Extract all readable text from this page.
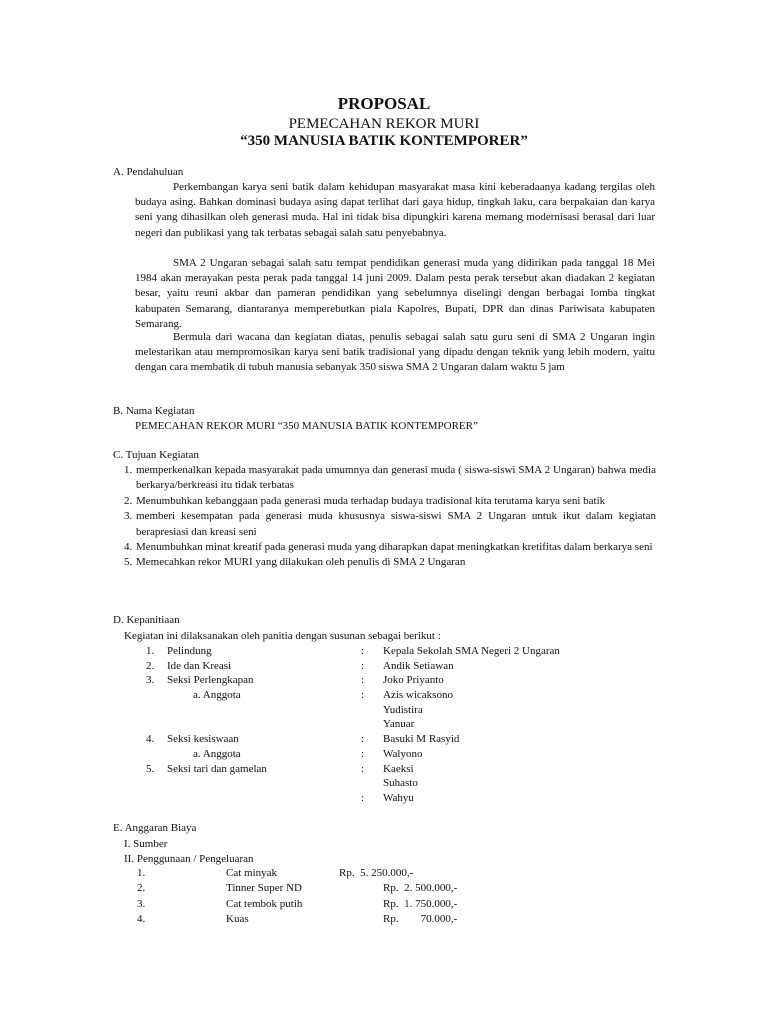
PROPOSAL
PEMECAHAN REKOR MURI
“350 MANUSIA BATIK KONTEMPORER”
A. Pendahuluan

Perkembangan karya seni batik dalam kehidupan masyarakat masa kini keberadaanya kadang tergilas oleh budaya asing. Bahkan dominasi budaya asing dapat terlihat dari gaya hidup, tingkah laku, cara berpakaian dan karya seni yang dihasilkan oleh generasi muda. Hal ini tidak bisa dipungkiri karena memang modernisasi berasal dari luar negeri dan publikasi yang tak terbatas sebagai salah satu penyebabnya.

SMA 2 Ungaran sebagai salah satu tempat pendidikan generasi muda yang didirikan pada tanggal 18 Mei 1984 akan merayakan pesta perak pada tanggal 14 juni 2009. Dalam pesta perak tersebut akan diadakan 2 kegiatan besar, yaitu reuni akbar dan pameran pendidikan yang sebelumnya diselingi dengan berbagai lomba tingkat kabupaten Semarang, diantaranya memperebutkan piala Kapolres, Bupati, DPR dan dinas Pariwisata kabupaten Semarang.

Bermula dari wacana dan kegiatan diatas, penulis sebagai salah satu guru seni di SMA 2 Ungaran ingin melestarikan atau mempromosikan karya seni batik tradisional yang dipadu dengan teknik yang lebih modern, yaitu dengan cara membatik di tubuh manusia sebanyak 350 siswa SMA 2 Ungaran dalam waktu 5 jam

B. Nama Kegiatan
PEMECAHAN REKOR MURI “350 MANUSIA BATIK KONTEMPORER”
C. Tujuan Kegiatan
1. memperkenalkan kepada masyarakat pada umumnya dan generasi muda ( siswa-siswi SMA 2 Ungaran) bahwa media berkarya/berkreasi itu tidak terbatas
2. Menumbuhkan kebanggaan pada generasi muda terhadap budaya tradisional kita terutama karya seni batik
3. memberi kesempatan pada generasi muda khususnya siswa-siswi SMA 2 Ungaran untuk ikut dalam kegiatan berapresiasi dan kreasi seni
4. Menumbuhkan minat kreatif pada generasi muda yang diharapkan dapat meningkatkan kretifitas dalam berkarya seni
5. Memecahkan rekor MURI yang dilakukan oleh penulis di SMA 2 Ungaran
D. Kepanitiaan
Kegiatan ini dilaksanakan oleh panitia dengan susunan sebagai berikut :
1.	Pelindung	:	Kepala Sekolah SMA Negeri 2 Ungaran
2.	Ide dan Kreasi	:	Andik Setiawan
3.	Seksi Perlengkapan	:	Joko Priyanto
a. Anggota	:	Azis wicaksono
Yudistira
Yanuar
4.	Seksi kesiswaan	:	Basuki M Rasyid
a. Anggota	:	Walyono
5.	Seksi tari dan gamelan	:	Kaeksi
Suhasto
:	Wahyu
E. Anggaran Biaya
I. Sumber
II. Penggunaan / Pengeluaran
1.	Cat minyak	Rp.  5. 250.000,-
2.	Tinner Super ND	Rp.  2. 500.000,-
3.	Cat tembok putih	Rp.  1. 750.000,-
4.	Kuas	Rp.        70.000,-
